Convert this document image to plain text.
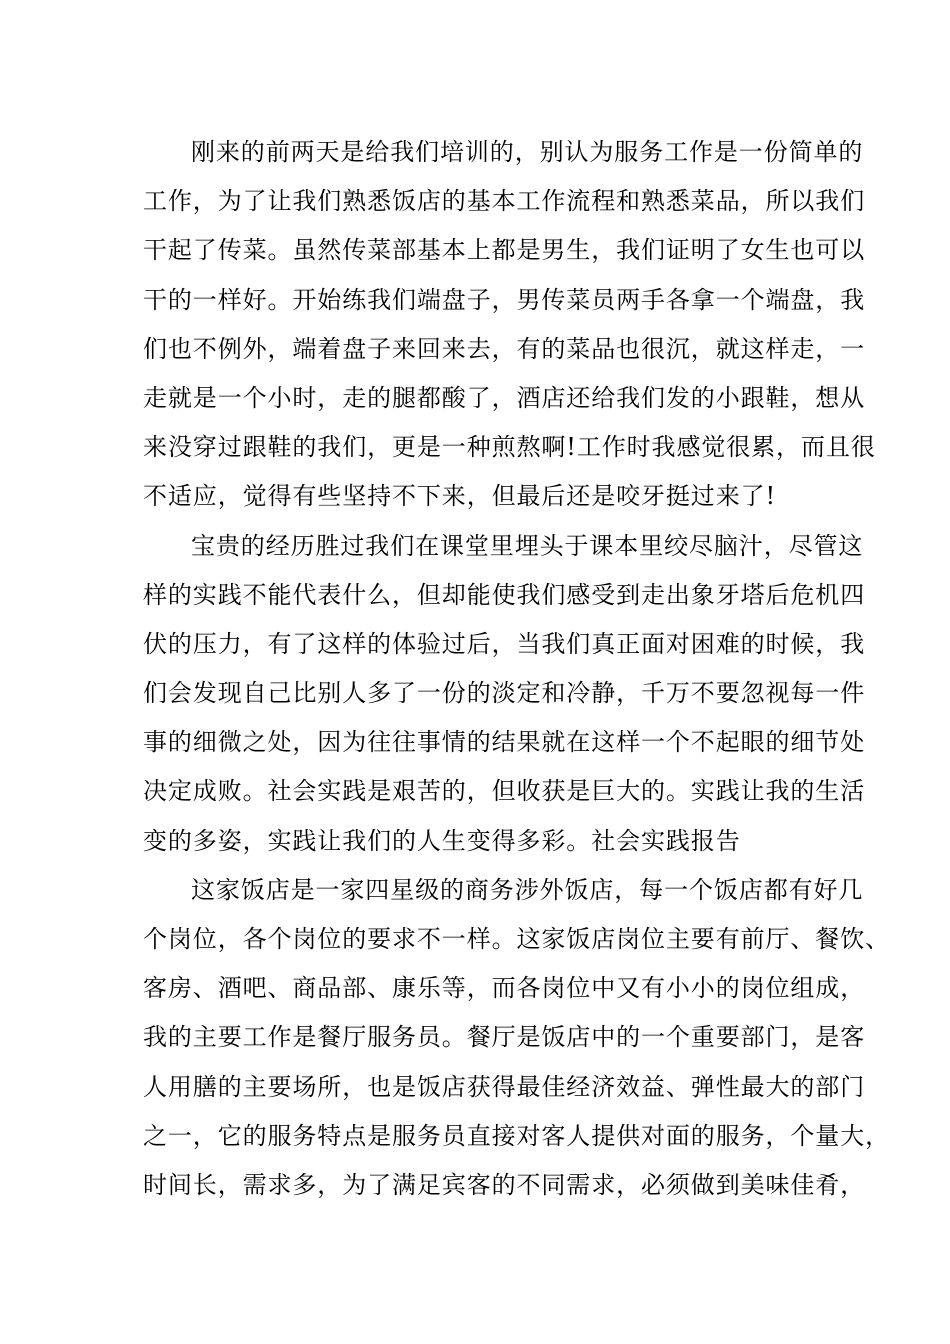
刚来的前两天是给我们培训的，别认为服务工作是一份简单的
工作，为了让我们熟悉饭店的基本工作流程和熟悉菜品，所以我们
干起了传菜。虽然传菜部基本上都是男生，我们证明了女生也可以
干的一样好。开始练我们端盘子，男传菜员两手各拿一个端盘，我
们也不例外，端着盘子来回来去，有的菜品也很沉，就这样走，一
走就是一个小时，走的腿都酸了，酒店还给我们发的小跟鞋，想从
来没穿过跟鞋的我们，更是一种煎熬啊!工作时我感觉很累，而且很
不适应，觉得有些坚持不下来，但最后还是咬牙挺过来了!
宝贵的经历胜过我们在课堂里埋头于课本里绞尽脑汁，尽管这
样的实践不能代表什么，但却能使我们感受到走出象牙塔后危机四
伏的压力，有了这样的体验过后，当我们真正面对困难的时候，我
们会发现自己比别人多了一份的淡定和冷静，千万不要忽视每一件
事的细微之处，因为往往事情的结果就在这样一个不起眼的细节处
决定成败。社会实践是艰苦的，但收获是巨大的。实践让我的生活
变的多姿，实践让我们的人生变得多彩。社会实践报告
这家饭店是一家四星级的商务涉外饭店，每一个饭店都有好几
个岗位，各个岗位的要求不一样。这家饭店岗位主要有前厅、餐饮、
客房、酒吧、商品部、康乐等，而各岗位中又有小小的岗位组成，
我的主要工作是餐厅服务员。餐厅是饭店中的一个重要部门，是客
人用膳的主要场所，也是饭店获得最佳经济效益、弹性最大的部门
之一，它的服务特点是服务员直接对客人提供对面的服务，个量大，
时间长，需求多，为了满足宾客的不同需求，必须做到美味佳肴，
